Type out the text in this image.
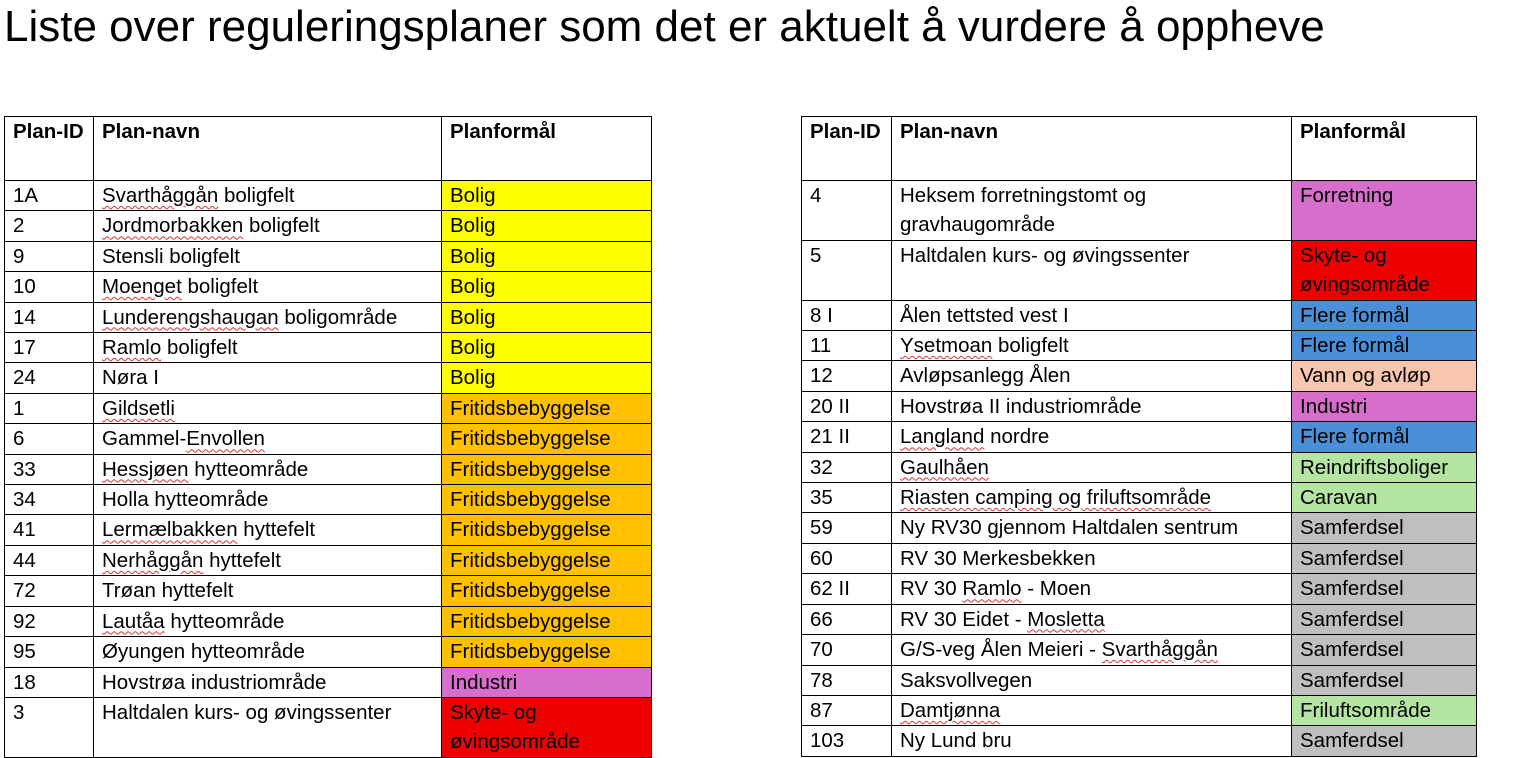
Liste over reguleringsplaner som det er aktuelt å vurdere å oppheve
Plan-ID	Plan-navn	Planformål
1A	Svarthåggån boligfelt	Bolig
2	Jordmorbakken boligfelt	Bolig
9	Stensli boligfelt	Bolig
10	Moenget boligfelt	Bolig
14	Lunderengshaugan boligområde	Bolig
17	Ramlo boligfelt	Bolig
24	Nøra I	Bolig
1	Gildsetli	Fritidsbebyggelse
6	Gammel-Envollen	Fritidsbebyggelse
33	Hessjøen hytteområde	Fritidsbebyggelse
34	Holla hytteområde	Fritidsbebyggelse
41	Lermælbakken hyttefelt	Fritidsbebyggelse
44	Nerhåggån hyttefelt	Fritidsbebyggelse
72	Trøan hyttefelt	Fritidsbebyggelse
92	Lautåa hytteområde	Fritidsbebyggelse
95	Øyungen hytteområde	Fritidsbebyggelse
18	Hovstrøa industriområde	Industri
3	Haltdalen kurs- og øvingssenter	Skyte- og øvingsområde
Plan-ID	Plan-navn	Planformål
4	Heksem forretningstomt og gravhaugområde	Forretning
5	Haltdalen kurs- og øvingssenter	Skyte- og øvingsområde
8 I	Ålen tettsted vest I	Flere formål
11	Ysetmoan boligfelt	Flere formål
12	Avløpsanlegg Ålen	Vann og avløp
20 II	Hovstrøa II industriområde	Industri
21 II	Langland nordre	Flere formål
32	Gaulhåen	Reindriftsboliger
35	Riasten camping og friluftsområde	Caravan
59	Ny RV30 gjennom Haltdalen sentrum	Samferdsel
60	RV 30 Merkesbekken	Samferdsel
62 II	RV 30 Ramlo - Moen	Samferdsel
66	RV 30 Eidet - Mosletta	Samferdsel
70	G/S-veg Ålen Meieri - Svarthåggån	Samferdsel
78	Saksvollvegen	Samferdsel
87	Damtjønna	Friluftsområde
103	Ny Lund bru	Samferdsel
